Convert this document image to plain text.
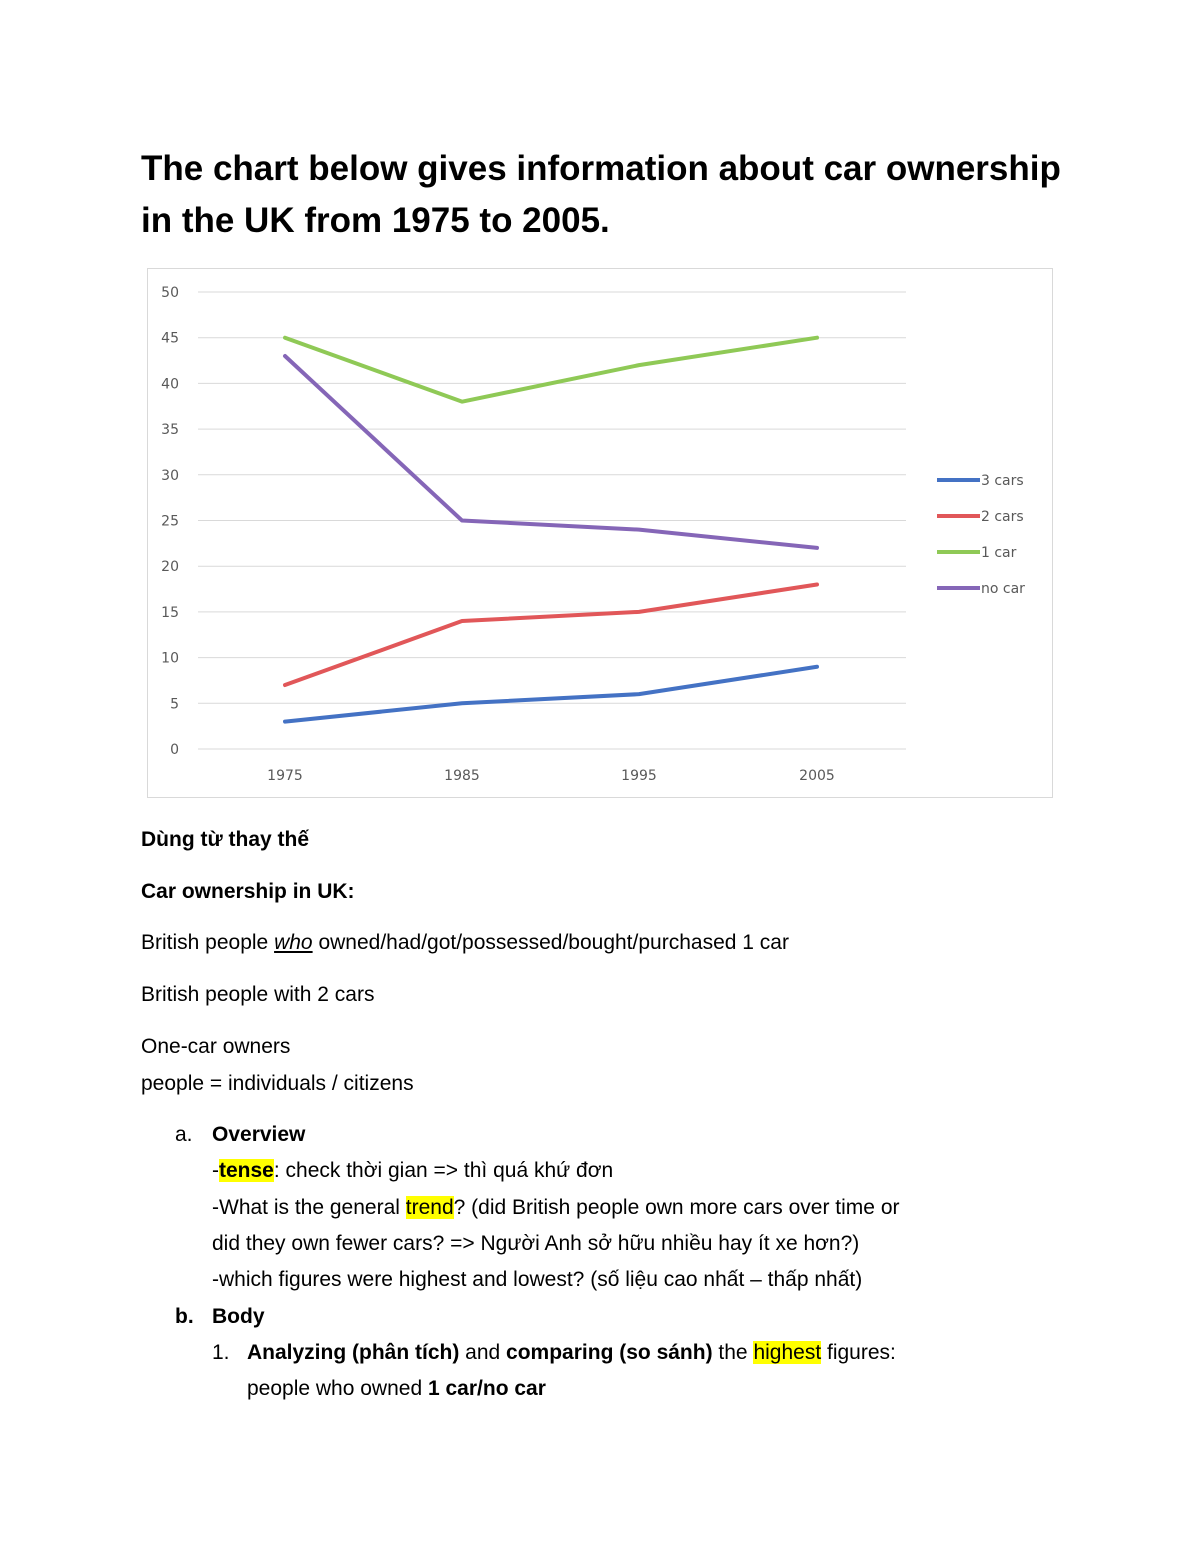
The chart below gives information about car ownership in the UK from 1975 to 2005.
0
5
10
15
20
25
30
35
40
45
50
1975	1985	1995	2005
3 cars
2 cars
1 car
no car
Dùng từ thay thế
Car ownership in UK:
British people who owned/had/got/possessed/bought/purchased 1 car
British people with 2 cars
One-car owners
people = individuals / citizens
a. Overview
-tense: check thời gian => thì quá khứ đơn
-What is the general trend? (did British people own more cars over time or
did they own fewer cars? => Người Anh sở hữu nhiều hay ít xe hơn?)
-which figures were highest and lowest? (số liệu cao nhất – thấp nhất)
b. Body
1. Analyzing (phân tích) and comparing (so sánh) the highest figures:
people who owned 1 car/no car
